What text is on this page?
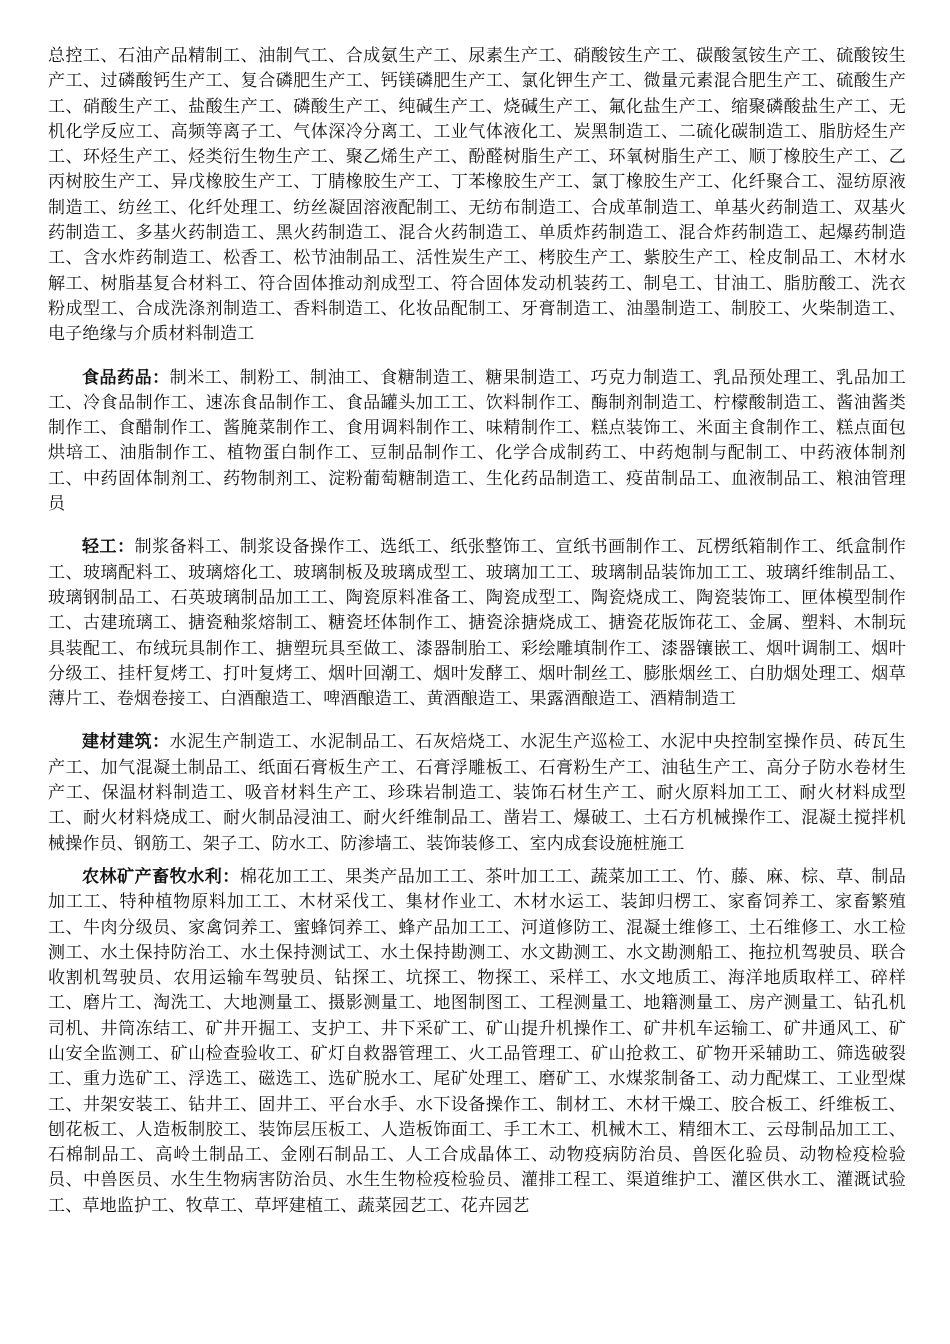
总控工、石油产品精制工、油制气工、合成氨生产工、尿素生产工、硝酸铵生产工、碳酸氢铵生产工、硫酸铵生产工、过磷酸钙生产工、复合磷肥生产工、钙镁磷肥生产工、氯化钾生产工、微量元素混合肥生产工、硫酸生产工、硝酸生产工、盐酸生产工、磷酸生产工、纯碱生产工、烧碱生产工、氟化盐生产工、缩聚磷酸盐生产工、无机化学反应工、高频等离子工、气体深冷分离工、工业气体液化工、炭黑制造工、二硫化碳制造工、脂肪烃生产工、环烃生产工、烃类衍生物生产工、聚乙烯生产工、酚醛树脂生产工、环氧树脂生产工、顺丁橡胶生产工、乙丙树胶生产工、异戊橡胶生产工、丁腈橡胶生产工、丁苯橡胶生产工、氯丁橡胶生产工、化纤聚合工、湿纺原液制造工、纺丝工、化纤处理工、纺丝凝固溶液配制工、无纺布制造工、合成革制造工、单基火药制造工、双基火药制造工、多基火药制造工、黑火药制造工、混合火药制造工、单质炸药制造工、混合炸药制造工、起爆药制造工、含水炸药制造工、松香工、松节油制品工、活性炭生产工、栲胶生产工、紫胶生产工、栓皮制品工、木材水解工、树脂基复合材料工、符合固体推动剂成型工、符合固体发动机装药工、制皂工、甘油工、脂肪酸工、洗衣粉成型工、合成洗涤剂制造工、香料制造工、化妆品配制工、牙膏制造工、油墨制造工、制胶工、火柴制造工、电子绝缘与介质材料制造工

食品药品：制米工、制粉工、制油工、食糖制造工、糖果制造工、巧克力制造工、乳品预处理工、乳品加工工、冷食品制作工、速冻食品制作工、食品罐头加工工、饮料制作工、酶制剂制造工、柠檬酸制造工、酱油酱类制作工、食醋制作工、酱腌菜制作工、食用调料制作工、味精制作工、糕点装饰工、米面主食制作工、糕点面包烘培工、油脂制作工、植物蛋白制作工、豆制品制作工、化学合成制药工、中药炮制与配制工、中药液体制剂工、中药固体制剂工、药物制剂工、淀粉葡萄糖制造工、生化药品制造工、疫苗制品工、血液制品工、粮油管理员

轻工：制浆备料工、制浆设备操作工、选纸工、纸张整饰工、宣纸书画制作工、瓦楞纸箱制作工、纸盒制作工、玻璃配料工、玻璃熔化工、玻璃制板及玻璃成型工、玻璃加工工、玻璃制品装饰加工工、玻璃纤维制品工、玻璃钢制品工、石英玻璃制品加工工、陶瓷原料准备工、陶瓷成型工、陶瓷烧成工、陶瓷装饰工、匣体模型制作工、古建琉璃工、搪瓷釉浆熔制工、糖瓷坯体制作工、搪瓷涂搪烧成工、搪瓷花版饰花工、金属、塑料、木制玩具装配工、布绒玩具制作工、搪塑玩具至做工、漆器制胎工、彩绘雕填制作工、漆器镶嵌工、烟叶调制工、烟叶分级工、挂杆复烤工、打叶复烤工、烟叶回潮工、烟叶发酵工、烟叶制丝工、膨胀烟丝工、白肋烟处理工、烟草薄片工、卷烟卷接工、白酒酿造工、啤酒酿造工、黄酒酿造工、果露酒酿造工、酒精制造工

建材建筑：水泥生产制造工、水泥制品工、石灰焙烧工、水泥生产巡检工、水泥中央控制室操作员、砖瓦生产工、加气混凝土制品工、纸面石膏板生产工、石膏浮雕板工、石膏粉生产工、油毡生产工、高分子防水卷材生产工、保温材料制造工、吸音材料生产工、珍珠岩制造工、装饰石材生产工、耐火原料加工工、耐火材料成型工、耐火材料烧成工、耐火制品浸油工、耐火纤维制品工、凿岩工、爆破工、土石方机械操作工、混凝土搅拌机械操作员、钢筋工、架子工、防水工、防渗墙工、装饰装修工、室内成套设施桩施工

农林矿产畜牧水利：棉花加工工、果类产品加工工、茶叶加工工、蔬菜加工工、竹、藤、麻、棕、草、制品加工工、特种植物原料加工工、木材采伐工、集材作业工、木材水运工、装卸归楞工、家畜饲养工、家畜繁殖工、牛肉分级员、家禽饲养工、蜜蜂饲养工、蜂产品加工工、河道修防工、混凝土维修工、土石维修工、水工检测工、水土保持防治工、水土保持测试工、水土保持勘测工、水文勘测工、水文勘测船工、拖拉机驾驶员、联合收割机驾驶员、农用运输车驾驶员、钻探工、坑探工、物探工、采样工、水文地质工、海洋地质取样工、碎样工、磨片工、淘洗工、大地测量工、摄影测量工、地图制图工、工程测量工、地籍测量工、房产测量工、钻孔机司机、井筒冻结工、矿井开掘工、支护工、井下采矿工、矿山提升机操作工、矿井机车运输工、矿井通风工、矿山安全监测工、矿山检查验收工、矿灯自救器管理工、火工品管理工、矿山抢救工、矿物开采辅助工、筛选破裂工、重力选矿工、浮选工、磁选工、选矿脱水工、尾矿处理工、磨矿工、水煤浆制备工、动力配煤工、工业型煤工、井架安装工、钻井工、固井工、平台水手、水下设备操作工、制材工、木材干燥工、胶合板工、纤维板工、刨花板工、人造板制胶工、装饰层压板工、人造板饰面工、手工木工、机械木工、精细木工、云母制品加工工、石棉制品工、高岭土制品工、金刚石制品工、人工合成晶体工、动物疫病防治员、兽医化验员、动物检疫检验员、中兽医员、水生生物病害防治员、水生生物检疫检验员、灌排工程工、渠道维护工、灌区供水工、灌溉试验工、草地监护工、牧草工、草坪建植工、蔬菜园艺工、花卉园艺
